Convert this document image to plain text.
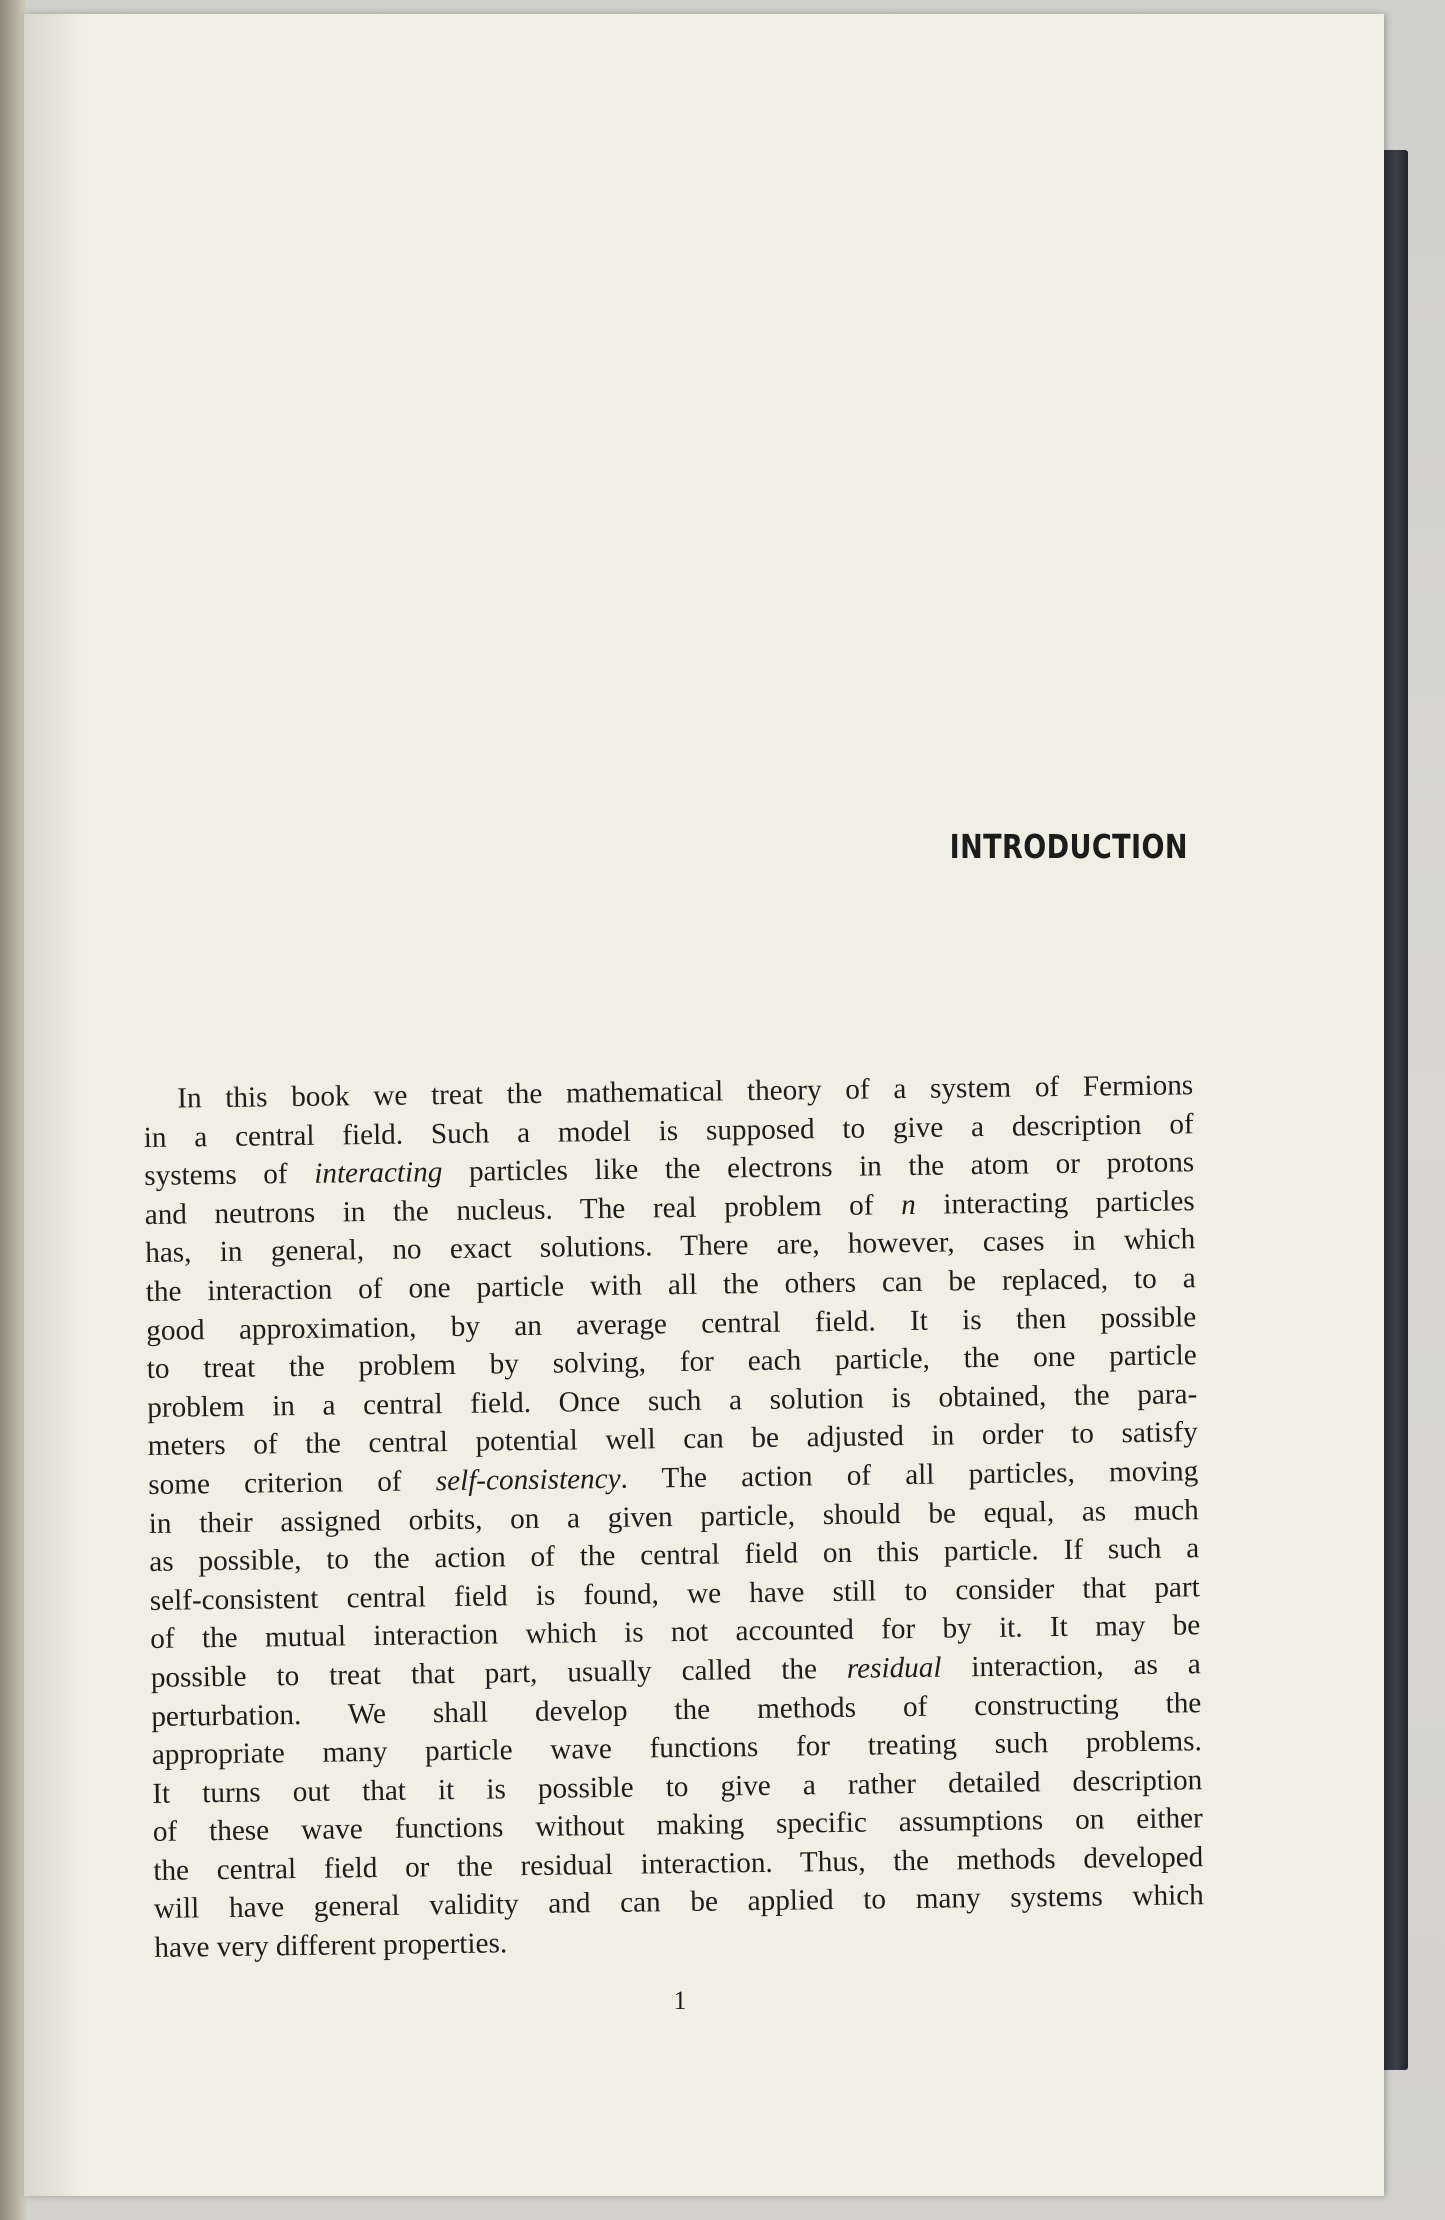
INTRODUCTION
In this book we treat the mathematical theory of a system of Fermions
in a central field. Such a model is supposed to give a description of
systems of interacting particles like the electrons in the atom or protons
and neutrons in the nucleus. The real problem of n interacting particles
has, in general, no exact solutions. There are, however, cases in which
the interaction of one particle with all the others can be replaced, to a
good approximation, by an average central field. It is then possible
to treat the problem by solving, for each particle, the one particle
problem in a central field. Once such a solution is obtained, the para-
meters of the central potential well can be adjusted in order to satisfy
some criterion of self-consistency. The action of all particles, moving
in their assigned orbits, on a given particle, should be equal, as much
as possible, to the action of the central field on this particle. If such a
self-consistent central field is found, we have still to consider that part
of the mutual interaction which is not accounted for by it. It may be
possible to treat that part, usually called the residual interaction, as a
perturbation. We shall develop the methods of constructing the
appropriate many particle wave functions for treating such problems.
It turns out that it is possible to give a rather detailed description
of these wave functions without making specific assumptions on either
the central field or the residual interaction. Thus, the methods developed
will have general validity and can be applied to many systems which
have very different properties.
1
